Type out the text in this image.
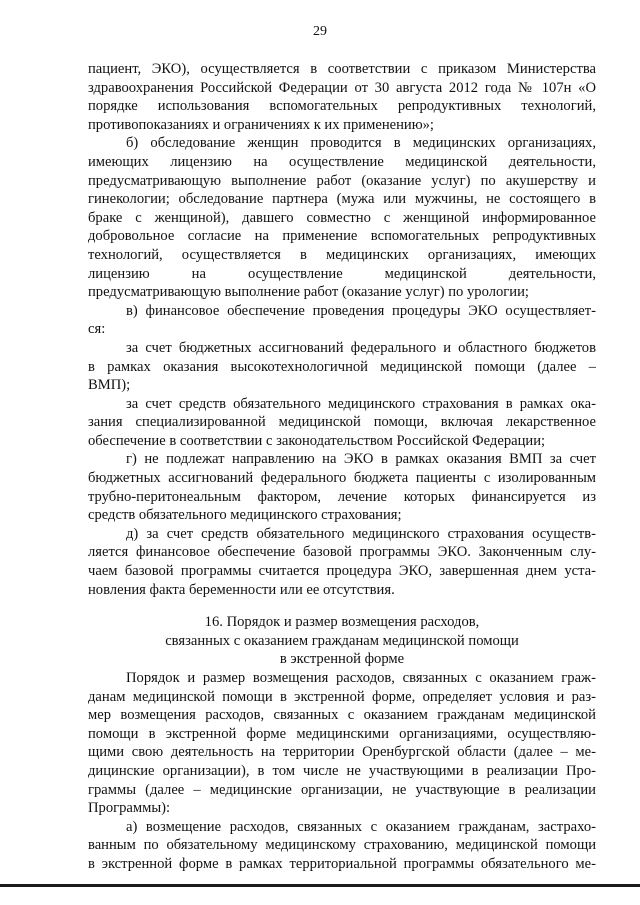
29
пациент, ЭКО), осуществляется в соответствии с приказом Министерства
здравоохранения Российской Федерации от 30 августа 2012 года № 107н «О
порядке использования вспомогательных репродуктивных технологий,
противопоказаниях и ограничениях к их применению»;
б) обследование женщин проводится в медицинских организациях,
имеющих лицензию на осуществление медицинской деятельности,
предусматривающую выполнение работ (оказание услуг) по акушерству и
гинекологии; обследование партнера (мужа или мужчины, не состоящего в
браке с женщиной), давшего совместно с женщиной информированное
добровольное согласие на применение вспомогательных репродуктивных
технологий, осуществляется в медицинских организациях, имеющих
лицензию на осуществление медицинской деятельности,
предусматривающую выполнение работ (оказание услуг) по урологии;
в) финансовое обеспечение проведения процедуры ЭКО осуществляет-
ся:
за счет бюджетных ассигнований федерального и областного бюджетов
в рамках оказания высокотехнологичной медицинской помощи (далее –
ВМП);
за счет средств обязательного медицинского страхования в рамках ока-
зания специализированной медицинской помощи, включая лекарственное
обеспечение в соответствии с законодательством Российской Федерации;
г) не подлежат направлению на ЭКО в рамках оказания ВМП за счет
бюджетных ассигнований федерального бюджета пациенты с изолированным
трубно-перитонеальным фактором, лечение которых финансируется из
средств обязательного медицинского страхования;
д) за счет средств обязательного медицинского страхования осуществ-
ляется финансовое обеспечение базовой программы ЭКО. Законченным слу-
чаем базовой программы считается процедура ЭКО, завершенная днем уста-
новления факта беременности или ее отсутствия.
16. Порядок и размер возмещения расходов,
связанных с оказанием гражданам медицинской помощи
в экстренной форме
Порядок и размер возмещения расходов, связанных с оказанием граж-
данам медицинской помощи в экстренной форме, определяет условия и раз-
мер возмещения расходов, связанных с оказанием гражданам медицинской
помощи в экстренной форме медицинскими организациями, осуществляю-
щими свою деятельность на территории Оренбургской области (далее – ме-
дицинские организации), в том числе не участвующими в реализации Про-
граммы (далее – медицинские организации, не участвующие в реализации
Программы):
а) возмещение расходов, связанных с оказанием гражданам, застрахо-
ванным по обязательному медицинскому страхованию, медицинской помощи
в экстренной форме в рамках территориальной программы обязательного ме-
